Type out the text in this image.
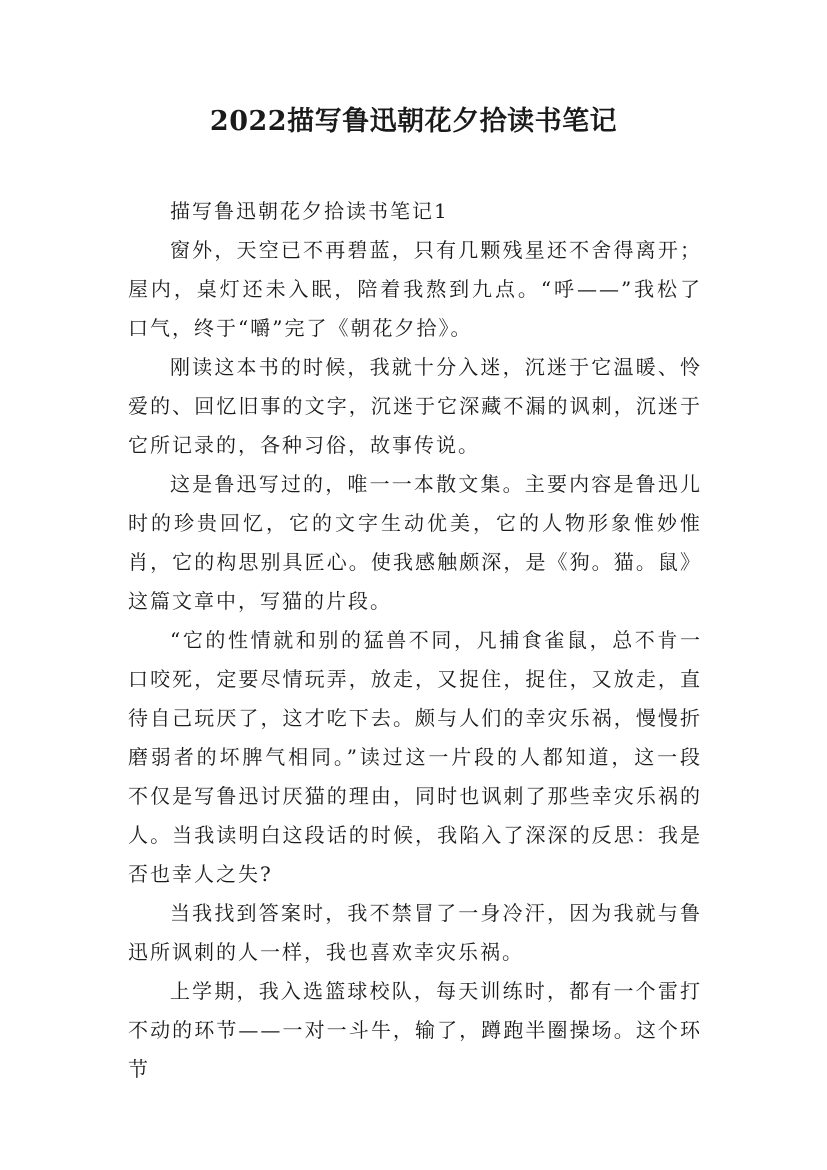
2022描写鲁迅朝花夕拾读书笔记

描写鲁迅朝花夕拾读书笔记1

窗外，天空已不再碧蓝，只有几颗残星还不舍得离开；屋内，桌灯还未入眠，陪着我熬到九点。“呼——”我松了口气，终于“嚼”完了《朝花夕拾》。

刚读这本书的时候，我就十分入迷，沉迷于它温暖、怜爱的、回忆旧事的文字，沉迷于它深藏不漏的讽刺，沉迷于它所记录的，各种习俗，故事传说。

这是鲁迅写过的，唯一一本散文集。主要内容是鲁迅儿时的珍贵回忆，它的文字生动优美，它的人物形象惟妙惟肖，它的构思别具匠心。使我感触颇深，是《狗。猫。鼠》这篇文章中，写猫的片段。

“它的性情就和别的猛兽不同，凡捕食雀鼠，总不肯一口咬死，定要尽情玩弄，放走，又捉住，捉住，又放走，直待自己玩厌了，这才吃下去。颇与人们的幸灾乐祸，慢慢折磨弱者的坏脾气相同。”读过这一片段的人都知道，这一段不仅是写鲁迅讨厌猫的理由，同时也讽刺了那些幸灾乐祸的人。当我读明白这段话的时候，我陷入了深深的反思：我是否也幸人之失?

当我找到答案时，我不禁冒了一身冷汗，因为我就与鲁迅所讽刺的人一样，我也喜欢幸灾乐祸。

上学期，我入选篮球校队，每天训练时，都有一个雷打不动的环节——一对一斗牛，输了，蹲跑半圈操场。这个环节
